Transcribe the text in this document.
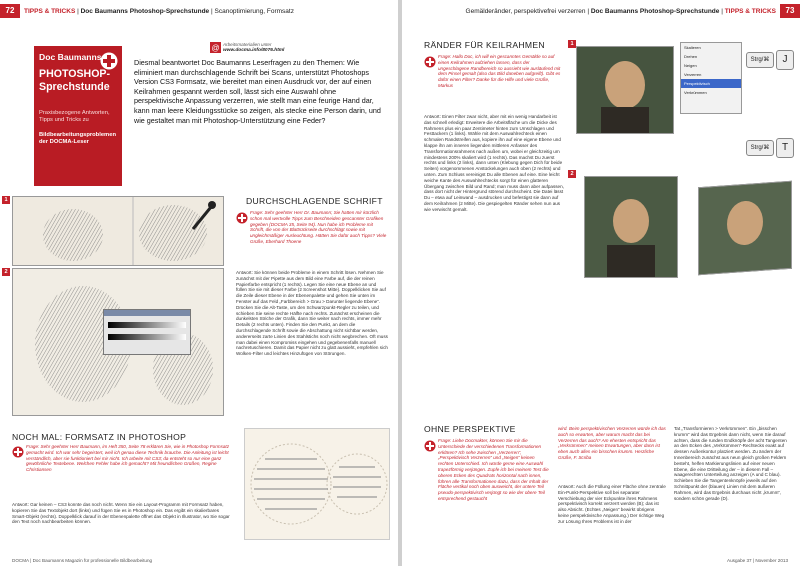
72	TIPPS & TRICKS | Doc Baumanns Photoshop-Sprechstunde | Scanoptimierung, Formsatz
Doc Baumanns
PHOTOSHOP-
Sprechstunde
Praxisbezogene Antworten, Tipps und Tricks zu
Bildbearbeitungsproblemen der DOCMA-Leser
@ Arbeitsmaterialien unter
www.docma.info/8076.html
Diesmal beantwortet Doc Baumanns Leserfragen zu den Themen: Wie eliminiert man durchschlagende Schrift bei Scans, unterstützt Photoshops Version CS3 Formsatz, wie bereitet man einen Ausdruck vor, der auf einen Keilrahmen gespannt werden soll, lässt sich eine Auswahl ohne perspektivische Anpassung verzerren, wie stellt man eine feurige Hand dar, kann man leere Kleidungsstücke so zeigen, als stecke eine Person darin, und wie gestaltet man mit Photoshop-Unterstützung eine Feder?
1
2
DURCHSCHLAGENDE SCHRIFT
Frage: Sehr geehrter Herr Dr. Baumann; Sie hatten mir kürzlich schon mal wertvolle Tipps zum Beschneiden gescannter Grafiken gegeben (DOCMA 35, Seite 94). Nun habe ich Probleme mit Schrift, die von der Blattrückseite durchschlägt sowie mit ungleichmäßiger Ausleuchtung. Hätten Sie dafür auch Tipps? Viele Grüße, Eberhard Thoene
Antwort: Sie können beide Probleme in einem Schritt lösen. Nehmen Sie zunächst mit der Pipette aus dem Bild eine Farbe auf, die der reinen Papierfarbe entspricht (1 rechts). Legen Sie eine neue Ebene an und füllen Sie sie mit dieser Farbe (2 Screenshot Mitte). Doppelklicken Sie auf die Zeile dieser Ebene in der Ebenenpalette und gehen Sie unten im Fenster auf das Feld „Farbbereich > Grau > Darunter liegende Ebene“. Drücken Sie die Alt-Taste, um den Schwarzpunkt-Regler zu teilen, und schieben Sie seine rechte Hälfte nach rechts. Zunächst erscheinen die dunkelsten Striche der Grafik, dann Sie weiter nach rechts, immer mehr Details (2 rechts unten). Finden Sie den Punkt, an dem die durchschlagende Schrift sowie die Abschattung nicht sichtbar werden, andererseits zarte Linien des Stahlstichs noch nicht wegbrechen. Oft muss man dabei einen Kompromiss eingehen und gegebenenfalls manuell nachretuschieren. Damit das Papier nicht zu glatt aussieht, empfehlen sich Wolken-Filter und leichtes Hinzufügen von Störungen.
NOCH MAL: FORMSATZ IN PHOTOSHOP
Frage: Sehr geehrter Herr Baumann, im Heft 350, Seite 78 erklären Sie, wie in Photoshop Formsatz gemacht wird. Ich war sehr begeistert, weil ich genau diese Technik brauche. Die Anleitung ist leicht verständlich, aber sie funktioniert bei mir nicht. Ich arbeite mit CS3; da entsteht so nur eine ganz gewöhnliche Textebene. Welchen Fehler habe ich gemacht? Mit freundlichen Grüßen, Regine Christiansen
Antwort: Gar keinen – CS3 konnte das noch nicht. Wenn Sie ein Layout-Programm mit Formsatz haben, kopieren Sie das Textobjekt dort (links) und fügen Sie es in Photoshop ein. Das ergibt ein skalierbares Smart-Objekt (rechts). Doppelklick darauf in der Ebenenpalette öffnet das Objekt in Illustrator, wo Sie sogar den Text noch nachbearbeiten können.
DOCMA | Doc Baumanns Magazin für professionelle Bildbearbeitung
Gemälderänder, perspektivefrei verzerren | Doc Baumanns Photoshop-Sprechstunde | TIPPS & TRICKS	73
RÄNDER FÜR KEILRAHMEN
Frage: Hallo Doc, ich will ein gescanntes Gemälde so auf einen Keilrahmen aufziehen lassen, dass der ungeschlagene Randbereich so aussieht wie ausläufend mit dem Pinsel gemalt (also das Bild daneben aufgreift). Gibt es dafür einen Filter? Danke für die Hilfe und viele Grüße, Markus
Antwort: Einen Filter zwar nicht, aber mit ein wenig Handarbeit ist das schnell erledigt: Erweitere die Arbeitsfläche um die Dicke des Rahmens plus ein paar Zentimeter hinten zum Umschlagen und Festtackern (1 links). Wähle mit dem Auswahlrechteck einen schmalen Randstreifen aus, kopiere ihn auf eine eigene Ebene und klappe ihn am inneren liegenden mittleren Anfasser des Transformationsrahmens nach außen um, wobei er gleichzeitig um mindestens 200% skaliert wird (1 rechts). Das machst Du zuerst rechts und links (2 links), dann unten (Klebung gegen Dich für beide Seiten) vorgenommenen Anstückelungen auch oben (2 rechts) und unten. Zum Schluss vereinigst Du alle Ebenen auf eine. Eine leicht weiche Kante des Auswahlrechtecks sorgt für einen glatteren Übergang zwischen Bild und Rand; man muss dann aber aufpassen, dass dort nicht der Hintergrund störend durchscheint. Die Datei lässt Du – etwa auf Leinwand – ausdrucken und befestigst sie dann auf dem Keilrahmen (2 Mitte). Die gespiegelten Ränder sehen nun aus wie verwischt gemalt.
1
Skalieren
Drehen
Neigen
Verzerren
Perspektivisch
Verkrümmen
Strg/⌘	J
Strg/⌘	T
2
OHNE PERSPEKTIVE
Frage: Liebe Docmakter, können Sie mir die Unterschiede der verschiedenen Transformationen erklären? Ich sehe zwischen „Verzerren“, „Perspektivisch Verzerren“ und „Neigen“ keinen rechten Unterschied. Ich würde gerne eine Auswahl trapezförmig verjüngen. Zupfe ich bei meinem Test die oberen Ecken des Quadrats horizontal nach innen, führen alle Transformationen dazu, dass der Inhalt der Fläche vertikal noch oben ausweicht, der untere Teil pseudo-perspektivisch verjüngt so wie der obere Teil entsprechend gestaucht
wird. Beim perspektivischen Verzerren würde ich das auch so erwarten, aber warum macht das bei Verzerren das auch? Am ehesten entspricht das „Verkrümmen“ meinen Erwartungen, aber dann ist eben auch alles ein bisschen krumm. Herzliche Grüße, F. Scriba
Antwort: Auch die Füllung einer Fläche ohne zentrale Ein-Punkt-Perspektive soll bei separater Verschiebung der vier Eckpunkte ihres Rahmens perspektivisch korrekt verzerrt werden (B); das ist also Absicht. (Echtes „Neigen“ bewirkt übrigens keine perspektivische Anpassung.) Der richtige Weg zur Lösung Ihres Problems ist in der
Tat „Transformieren > Verkrümmen“. Ein „bisschen krumm“ wird das Ergebnis dann nicht, wenn Sie darauf achten, dass die runden Endknöpfe der acht Tangenten an den Ecken des „Verkrümmen“-Rechtecks exakt auf dessen Außenkontur platziert werden. Zu ändern der Innenbereich zunächst aus neun gleich großen Feldern besteht, helfen Markierungslinien auf einer neuen Ebene, die eine Dritteilung der – in diesem Fall – waagerechten Unterteilung anzeigen (A und C blau). Schieben Sie die Tangentenknöpfe jeweils auf den Schnittpunkt der (blauen) Linien mit dem äußeren Rahmen, wird das Ergebnis durchaus nicht „krumm“, sondern schön gerade (D).
Ausgabe 37 | November 2013
